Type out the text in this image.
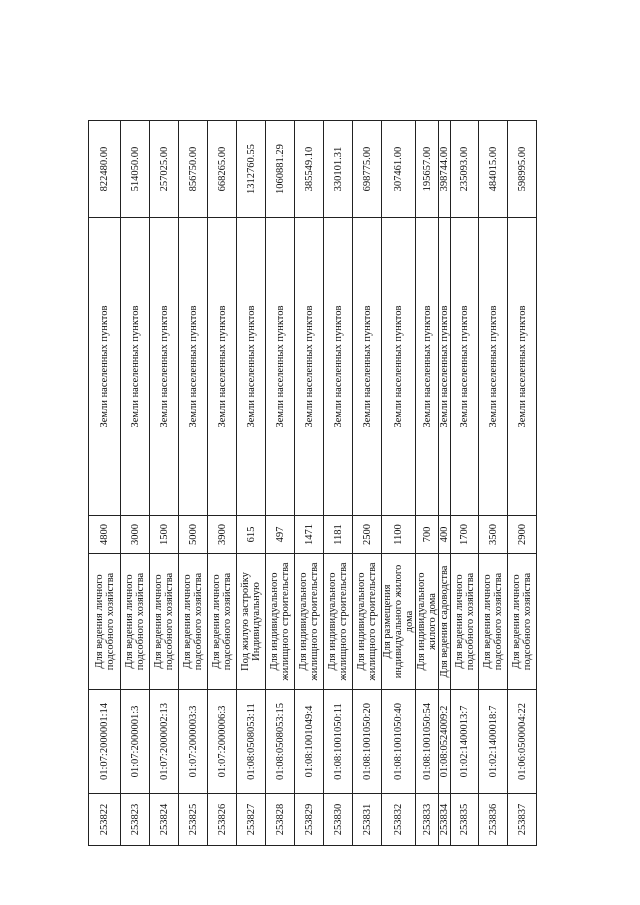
253822	01:07:2000001:14	Для ведения личного подсобного хозяйства	4800	Земли населенных пунктов	822480.00
253823	01:07:2000001:3	Для ведения личного подсобного хозяйства	3000	Земли населенных пунктов	514050.00
253824	01:07:2000002:13	Для ведения личного подсобного хозяйства	1500	Земли населенных пунктов	257025.00
253825	01:07:2000003:3	Для ведения личного подсобного хозяйства	5000	Земли населенных пунктов	856750.00
253826	01:07:2000006:3	Для ведения личного подсобного хозяйства	3900	Земли населенных пунктов	668265.00
253827	01:08:0508053:11	Под жилую застройку Индивидуальную	615	Земли населенных пунктов	1312760.55
253828	01:08:0508053:15	Для индивидуального жилищного строительства	497	Земли населенных пунктов	1060881.29
253829	01:08:1001049:4	Для индивидуального жилищного строительства	1471	Земли населенных пунктов	385549.10
253830	01:08:1001050:11	Для индивидуального жилищного строительства	1181	Земли населенных пунктов	330101.31
253831	01:08:1001050:20	Для индивидуального жилищного строительства	2500	Земли населенных пунктов	698775.00
253832	01:08:1001050:40	Для размещения индивидуального жилого дома	1100	Земли населенных пунктов	307461.00
253833	01:08:1001050:54	Для индивидуального жилого дома	700	Земли населенных пунктов	195657.00
253834	01:08:0524009:2	Для ведения садоводства	400	Земли населенных пунктов	398744.00
253835	01:02:1400013:7	Для ведения личного подсобного хозяйства	1700	Земли населенных пунктов	235093.00
253836	01:02:1400018:7	Для ведения личного подсобного хозяйства	3500	Земли населенных пунктов	484015.00
253837	01:06:0500004:22	Для ведения личного подсобного хозяйства	2900	Земли населенных пунктов	598995.00
